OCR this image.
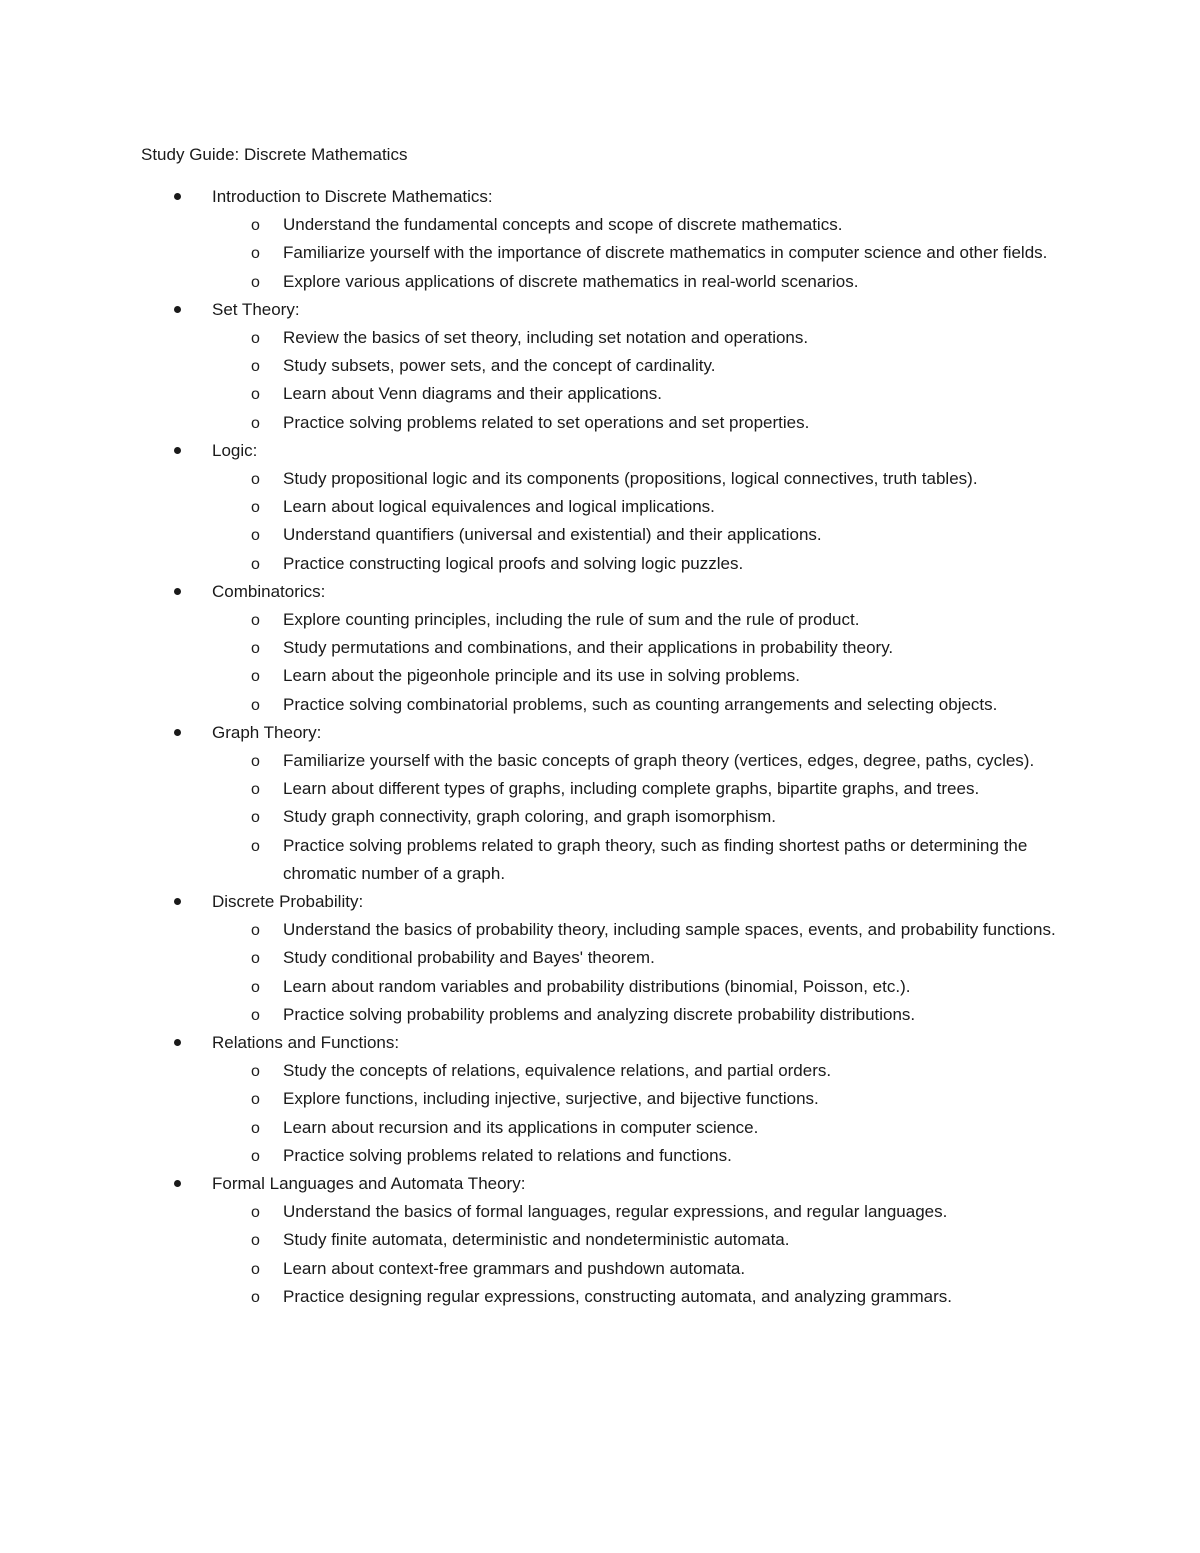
Study Guide: Discrete Mathematics
Introduction to Discrete Mathematics:
o Understand the fundamental concepts and scope of discrete mathematics.
o Familiarize yourself with the importance of discrete mathematics in computer science and other fields.
o Explore various applications of discrete mathematics in real-world scenarios.
Set Theory:
o Review the basics of set theory, including set notation and operations.
o Study subsets, power sets, and the concept of cardinality.
o Learn about Venn diagrams and their applications.
o Practice solving problems related to set operations and set properties.
Logic:
o Study propositional logic and its components (propositions, logical connectives, truth tables).
o Learn about logical equivalences and logical implications.
o Understand quantifiers (universal and existential) and their applications.
o Practice constructing logical proofs and solving logic puzzles.
Combinatorics:
o Explore counting principles, including the rule of sum and the rule of product.
o Study permutations and combinations, and their applications in probability theory.
o Learn about the pigeonhole principle and its use in solving problems.
o Practice solving combinatorial problems, such as counting arrangements and selecting objects.
Graph Theory:
o Familiarize yourself with the basic concepts of graph theory (vertices, edges, degree, paths, cycles).
o Learn about different types of graphs, including complete graphs, bipartite graphs, and trees.
o Study graph connectivity, graph coloring, and graph isomorphism.
o Practice solving problems related to graph theory, such as finding shortest paths or determining the chromatic number of a graph.
Discrete Probability:
o Understand the basics of probability theory, including sample spaces, events, and probability functions.
o Study conditional probability and Bayes' theorem.
o Learn about random variables and probability distributions (binomial, Poisson, etc.).
o Practice solving probability problems and analyzing discrete probability distributions.
Relations and Functions:
o Study the concepts of relations, equivalence relations, and partial orders.
o Explore functions, including injective, surjective, and bijective functions.
o Learn about recursion and its applications in computer science.
o Practice solving problems related to relations and functions.
Formal Languages and Automata Theory:
o Understand the basics of formal languages, regular expressions, and regular languages.
o Study finite automata, deterministic and nondeterministic automata.
o Learn about context-free grammars and pushdown automata.
o Practice designing regular expressions, constructing automata, and analyzing grammars.
